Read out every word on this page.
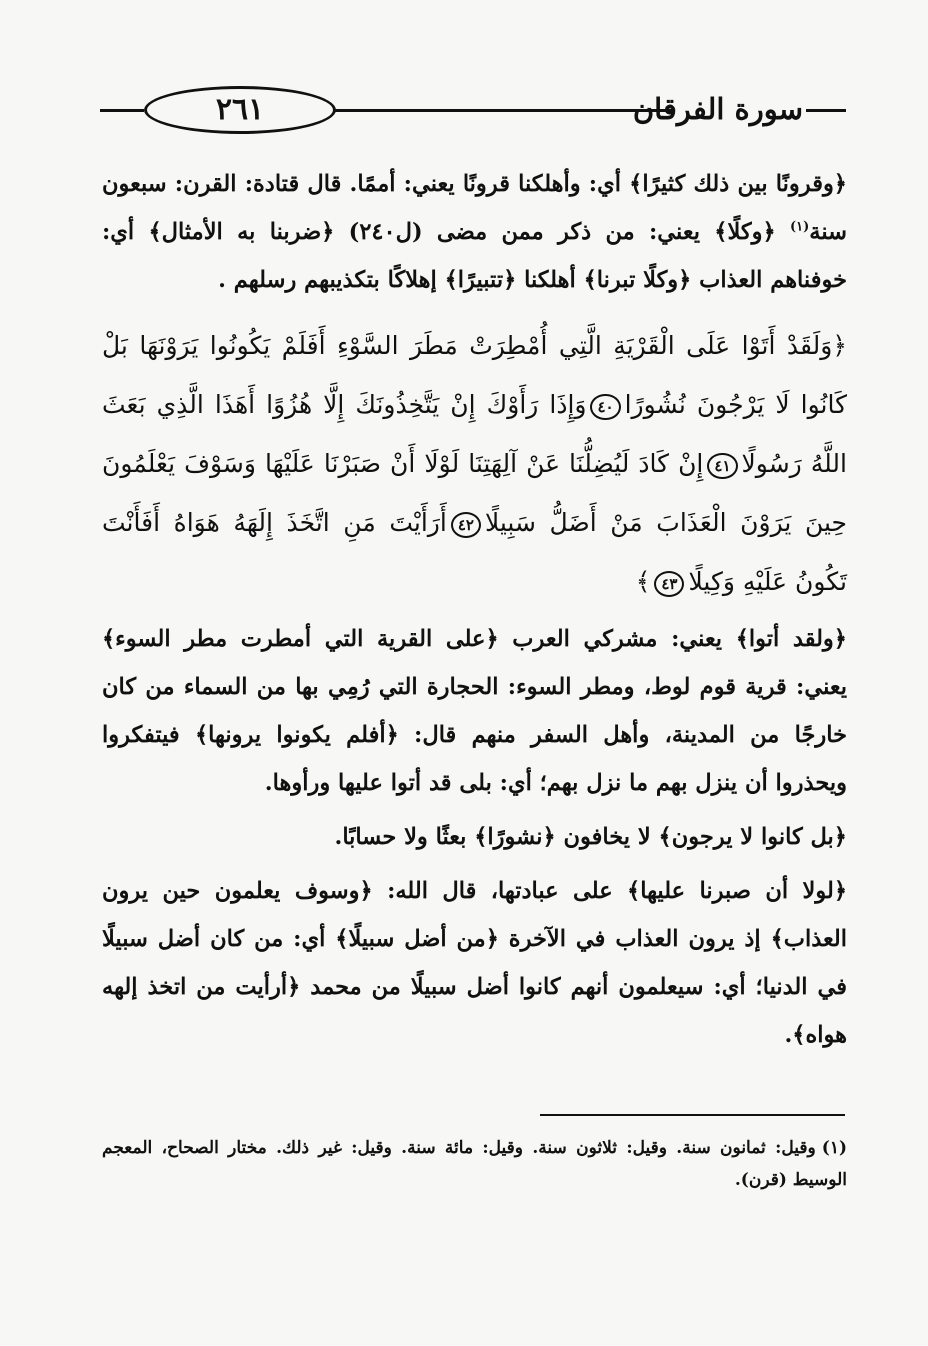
٢٦١	سورة الفرقان

﴿وقرونًا بين ذلك كثيرًا﴾ أي: وأهلكنا قرونًا يعني: أممًا. قال قتادة: القرن: سبعون سنة$^{(١)}$ ﴿وكلًا﴾ يعني: من ذكر ممن مضى (ل٢٤٠) ﴿ضربنا به الأمثال﴾ أي: خوفناهم العذاب ﴿وكلًا تبرنا﴾ أهلكنا ﴿تتبيرًا﴾ إهلاكًا بتكذيبهم رسلهم .

﴿وَلَقَدْ أَتَوْا عَلَى الْقَرْيَةِ الَّتِي أُمْطِرَتْ مَطَرَ السَّوْءِ أَفَلَمْ يَكُونُوا يَرَوْنَهَا بَلْ كَانُوا لَا يَرْجُونَ نُشُورًا٤٠وَإِذَا رَأَوْكَ إِنْ يَتَّخِذُونَكَ إِلَّا هُزُوًا أَهَذَا الَّذِي بَعَثَ اللَّهُ رَسُولًا٤١إِنْ كَادَ لَيُضِلُّنَا عَنْ آلِهَتِنَا لَوْلَا أَنْ صَبَرْنَا عَلَيْهَا وَسَوْفَ يَعْلَمُونَ حِينَ يَرَوْنَ الْعَذَابَ مَنْ أَضَلُّ سَبِيلًا٤٢أَرَأَيْتَ مَنِ اتَّخَذَ إِلَهَهُ هَوَاهُ أَفَأَنْتَ تَكُونُ عَلَيْهِ وَكِيلًا٤٣﴾

﴿ولقد أتوا﴾ يعني: مشركي العرب ﴿على القرية التي أمطرت مطر السوء﴾ يعني: قرية قوم لوط، ومطر السوء: الحجارة التي رُمِي بها من السماء من كان خارجًا من المدينة، وأهل السفر منهم قال: ﴿أفلم يكونوا يرونها﴾ فيتفكروا ويحذروا أن ينزل بهم ما نزل بهم؛ أي: بلى قد أتوا عليها ورأوها.

﴿بل كانوا لا يرجون﴾ لا يخافون ﴿نشورًا﴾ بعثًا ولا حسابًا.

﴿لولا أن صبرنا عليها﴾ على عبادتها، قال الله: ﴿وسوف يعلمون حين يرون العذاب﴾ إذ يرون العذاب في الآخرة ﴿من أضل سبيلًا﴾ أي: من كان أضل سبيلًا في الدنيا؛ أي: سيعلمون أنهم كانوا أضل سبيلًا من محمد ﴿أرأيت من اتخذ إلهه هواه﴾.

(١)وقيل: ثمانون سنة. وقيل: ثلاثون سنة. وقيل: مائة سنة. وقيل: غير ذلك. مختار الصحاح، المعجم الوسيط (قرن).
